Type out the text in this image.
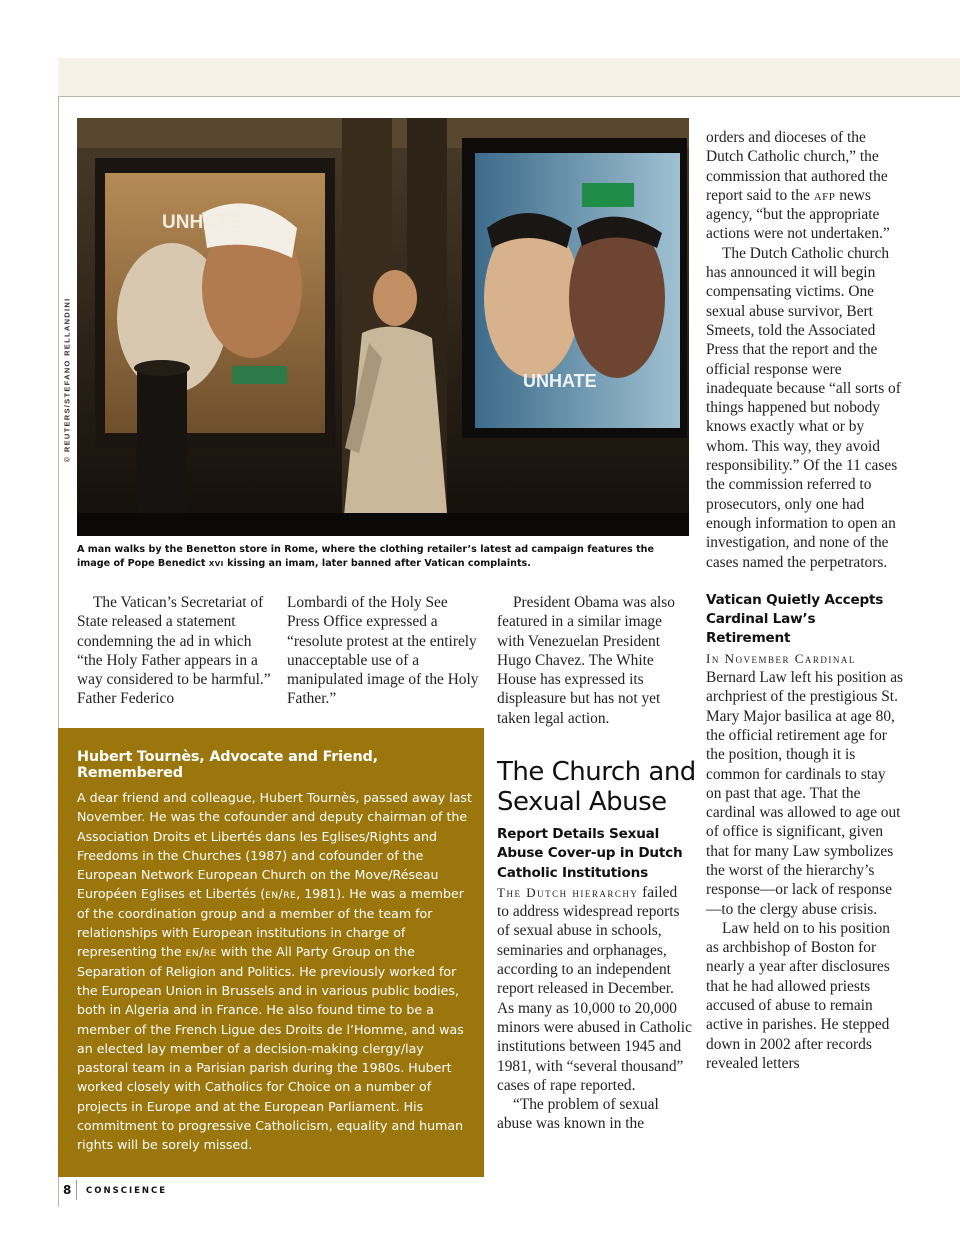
© REUTERS/STEFANO RELLANDINI
UNHATE
UNHATE
A man walks by the Benetton store in Rome, where the clothing retailer’s latest ad campaign features the image of Pope Benedict xvi kissing an imam, later banned after Vatican complaints.

The Vatican’s Secretariat of State released a statement condemning the ad in which “the Holy Father appears in a way considered to be harmful.” Father Federico

Lombardi of the Holy See Press Office expressed a “resolute protest at the entirely unacceptable use of a manipulated image of the Holy Father.”

President Obama was also featured in a similar image with Venezuelan President Hugo Chavez. The White House has expressed its displeasure but has not yet taken legal action.

Hubert Tournès, Advocate and Friend, Remembered
A dear friend and colleague, Hubert Tournès, passed away last November. He was the cofounder and deputy chairman of the Association Droits et Libertés dans les Eglises/Rights and Freedoms in the Churches (1987) and cofounder of the European Network European Church on the Move/Réseau Européen Eglises et Libertés (en/re, 1981). He was a member of the coordination group and a member of the team for relationships with European institutions in charge of representing the en/re with the All Party Group on the Separation of Religion and Politics. He previously worked for the European Union in Brussels and in various public bodies, both in Algeria and in France. He also found time to be a member of the French Ligue des Droits de l’Homme, and was an elected lay member of a decision-making clergy/lay pastoral team in a Parisian parish during the 1980s. Hubert worked closely with Catholics for Choice on a number of projects in Europe and at the European Parliament. His commitment to progressive Catholicism, equality and human rights will be sorely missed.
The Church and Sexual Abuse
Report Details Sexual Abuse Cover-up in Dutch Catholic Institutions

The Dutch hierarchy failed to address widespread reports of sexual abuse in schools, seminaries and orphanages, according to an independent report released in December. As many as 10,000 to 20,000 minors were abused in Catholic institutions between 1945 and 1981, with “several thousand” cases of rape reported.

“The problem of sexual abuse was known in the

orders and dioceses of the Dutch Catholic church,” the commission that authored the report said to the afp news agency, “but the appropriate actions were not undertaken.”

The Dutch Catholic church has announced it will begin compensating victims. One sexual abuse survivor, Bert Smeets, told the Associated Press that the report and the official response were inadequate because “all sorts of things happened but nobody knows exactly what or by whom. This way, they avoid responsibility.” Of the 11 cases the commission referred to prosecutors, only one had enough information to open an investigation, and none of the cases named the perpetrators.

Vatican Quietly Accepts Cardinal Law’s Retirement

In November Cardinal Bernard Law left his position as archpriest of the prestigious St. Mary Major basilica at age 80, the official retirement age for the position, though it is common for cardinals to stay on past that age. That the cardinal was allowed to age out of office is significant, given that for many Law symbolizes the worst of the hierarchy’s response—or lack of response—to the clergy abuse crisis.

Law held on to his position as archbishop of Boston for nearly a year after disclosures that he had allowed priests accused of abuse to remain active in parishes. He stepped down in 2002 after records revealed letters

8 CONSCIENCE
